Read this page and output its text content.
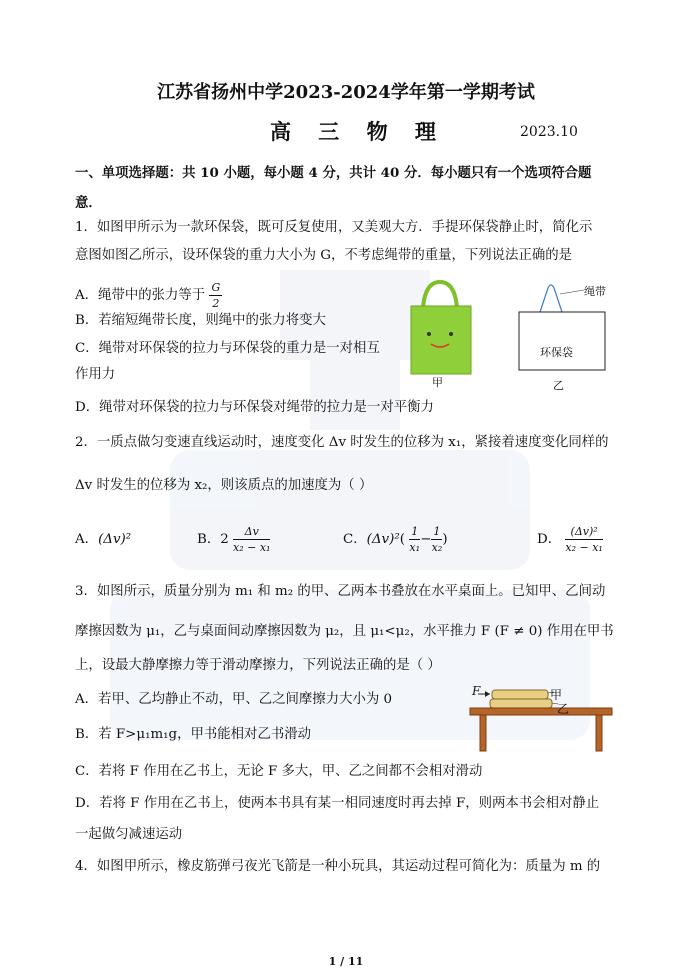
江苏省扬州中学2023-2024学年第一学期考试
高 三 物 理	2023.10
一、单项选择题：共 10 小题，每小题 4 分，共计 40 分．每小题只有一个选项符合题
意．
1．如图甲所示为一款环保袋，既可反复使用，又美观大方．手提环保袋静止时，简化示
意图如图乙所示，设环保袋的重力大小为 G，不考虑绳带的重量，下列说法正确的是
A．绳带中的张力等于 $\frac{G}{2}$
B．若缩短绳带长度，则绳中的张力将变大
C．绳带对环保袋的拉力与环保袋的重力是一对相互
作用力
D．绳带对环保袋的拉力与环保袋对绳带的拉力是一对平衡力
甲
绳带
环保袋
乙
2．一质点做匀变速直线运动时，速度变化 Δv 时发生的位移为 x₁，紧接着速度变化同样的
Δv 时发生的位移为 x₂，则该质点的加速度为（ ）
A．(Δv)²	B．$2 \frac{\Delta v}{\text{x₂ − x₁}}$	C．$(\Delta v)^2( \frac{1}{\text{x₁}} - \frac{1}{\text{x₂}}$ )	D． $\frac{\text{(Δv)²}}{\text{x₂ − x₁}}$
3．如图所示，质量分别为 m₁ 和 m₂ 的甲、乙两本书叠放在水平桌面上。已知甲、乙间动
摩擦因数为 μ₁，乙与桌面间动摩擦因数为 μ₂，且 μ₁<μ₂，水平推力 F (F ≠ 0) 作用在甲书
上，设最大静摩擦力等于滑动摩擦力，下列说法正确的是（ ）
A．若甲、乙均静止不动，甲、乙之间摩擦力大小为 0
B．若 F>μ₁m₁g，甲书能相对乙书滑动
C．若将 F 作用在乙书上，无论 F 多大，甲、乙之间都不会相对滑动
D．若将 F 作用在乙书上，使两本书具有某一相同速度时再去掉 F，则两本书会相对静止
一起做匀减速运动
F	甲
乙
4．如图甲所示，橡皮筋弹弓夜光飞箭是一种小玩具，其运动过程可简化为：质量为 m 的
1 / 11
